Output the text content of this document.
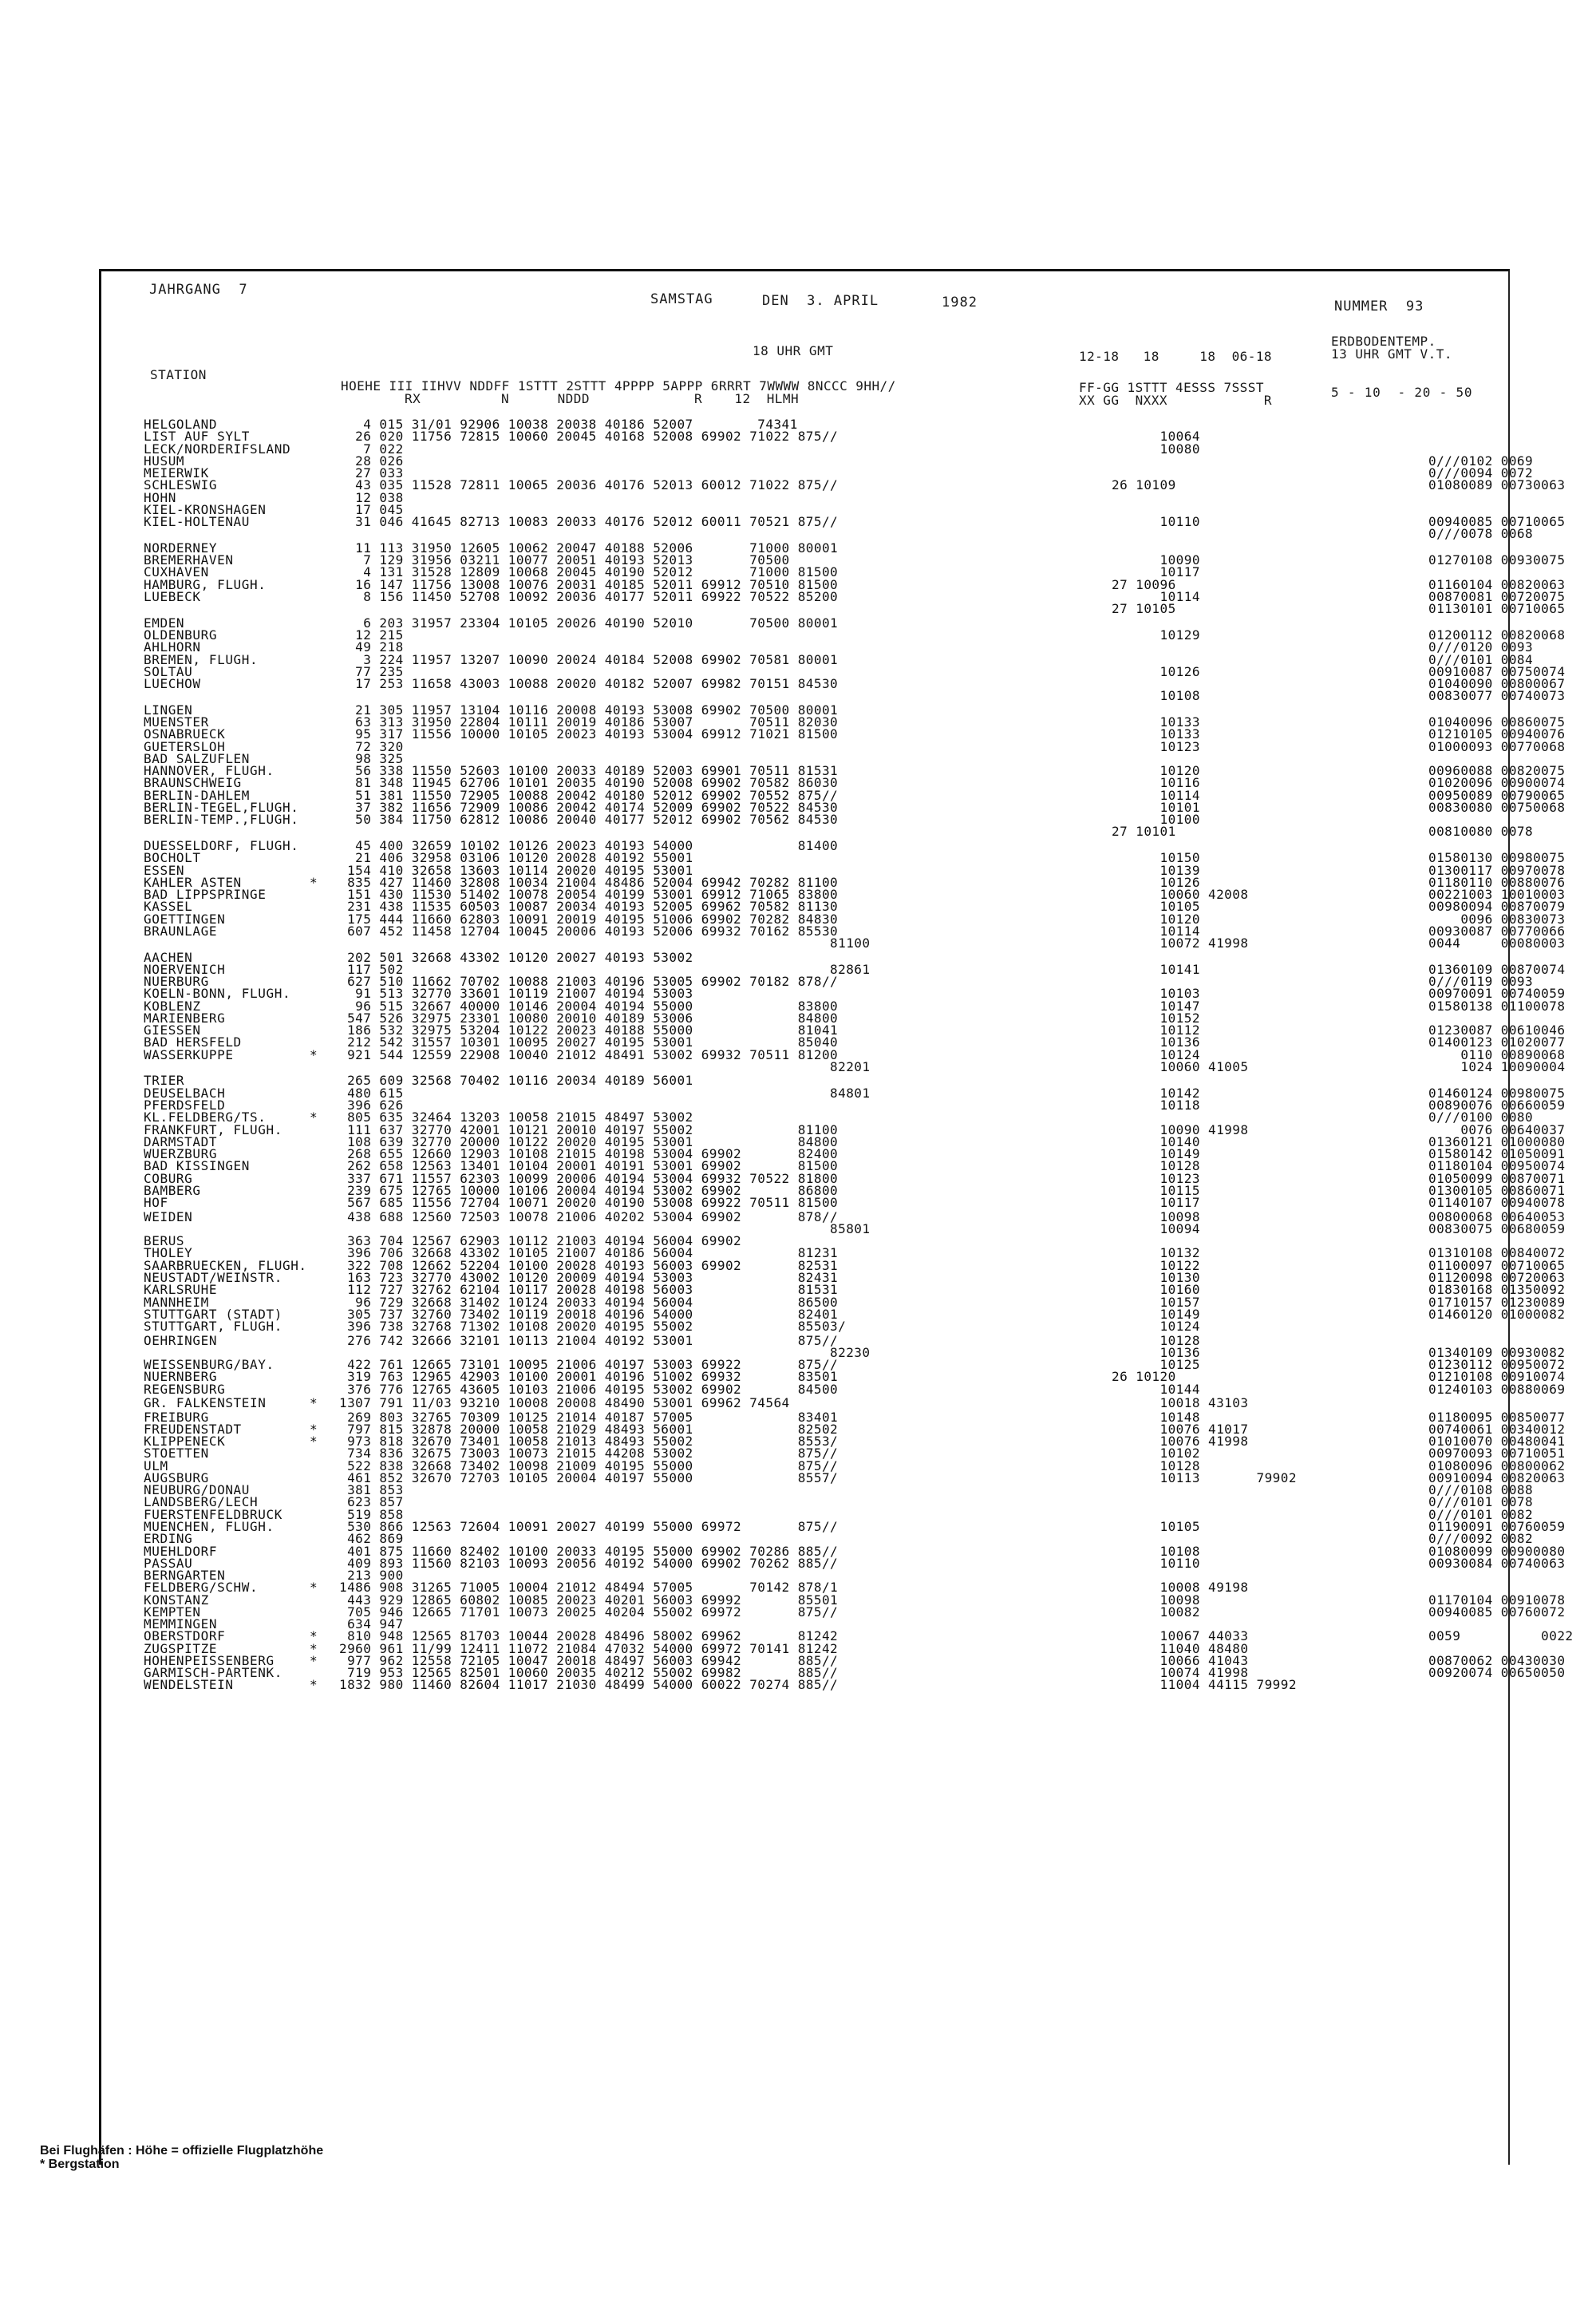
JAHRGANG  7
SAMSTAG	DEN  3. APRIL	1982	NUMMER  93
ERDBODENTEMP.
13 UHR GMT V.T.
18 UHR GMT
STATION
HOEHE III IIHVV NDDFF 1STTT 2STTT 4PPPP 5APPP 6RRRT 7WWWW 8NCCC 9HH//
RX          N      NDDD             R    12  HLMH
12-18   18     18  06-18
FF-GG 1STTT 4ESSS 7SSST
XX GG  NXXX            R
5 - 10  - 20 - 50
HELGOLAND	4 015 31/01 92906 10038 20038 40186 52007        74341
LIST AUF SYLT	26 020 11756 72815 10060 20045 40168 52008 69902 71022 875//	10064
LECK/NORDERIFSLAND	7 022	10080
HUSUM	28 026	0///0102 0069
MEIERWIK	27 033	0///0094 0072
SCHLESWIG	43 035 11528 72811 10065 20036 40176 52013 60012 71022 875//	26 10109	01080089 00730063
HOHN	12 038
KIEL-KRONSHAGEN	17 045
KIEL-HOLTENAU	31 046 41645 82713 10083 20033 40176 52012 60011 70521 875//	10110	00940085 00710065
0///0078 0068
NORDERNEY	11 113 31950 12605 10062 20047 40188 52006       71000 80001
BREMERHAVEN	7 129 31956 03211 10077 20051 40193 52013       70500	10090	01270108 00930075
CUXHAVEN	4 131 31528 12809 10068 20045 40190 52012       71000 81500	10117
HAMBURG, FLUGH.	16 147 11756 13008 10076 20031 40185 52011 69912 70510 81500	27 10096	01160104 00820063
LUEBECK	8 156 11450 52708 10092 20036 40177 52011 69922 70522 85200	10114	00870081 00720075
27 10105	01130101 00710065
EMDEN	6 203 31957 23304 10105 20026 40190 52010       70500 80001
OLDENBURG	12 215	10129	01200112 00820068
AHLHORN	49 218	0///0120 0093
BREMEN, FLUGH.	3 224 11957 13207 10090 20024 40184 52008 69902 70581 80001	0///0101 0084
SOLTAU	77 235	10126	00910087 00750074
LUECHOW	17 253 11658 43003 10088 20020 40182 52007 69982 70151 84530	01040090 00800067
10108	00830077 00740073
LINGEN	21 305 11957 13104 10116 20008 40193 53008 69902 70500 80001
MUENSTER	63 313 31950 22804 10111 20019 40186 53007       70511 82030	10133	01040096 00860075
OSNABRUECK	95 317 11556 10000 10105 20023 40193 53004 69912 71021 81500	10133	01210105 00940076
GUETERSLOH	72 320	10123	01000093 00770068
BAD SALZUFLEN	98 325
HANNOVER, FLUGH.	56 338 11550 52603 10100 20033 40189 52003 69901 70511 81531	10120	00960088 00820075
BRAUNSCHWEIG	81 348 11945 62706 10101 20035 40190 52008 69902 70582 86030	10116	01020096 00900074
BERLIN-DAHLEM	51 381 11550 72905 10088 20042 40180 52012 69902 70552 875//	10114	00950089 00790065
BERLIN-TEGEL,FLUGH.	37 382 11656 72909 10086 20042 40174 52009 69902 70522 84530	10101	00830080 00750068
BERLIN-TEMP.,FLUGH.	50 384 11750 62812 10086 20040 40177 52012 69902 70562 84530	10100
27 10101	00810080 0078
DUESSELDORF, FLUGH.	45 400 32659 10102 10126 20023 40193 54000             81400
BOCHOLT	21 406 32958 03106 10120 20028 40192 55001	10150	01580130 00980075
ESSEN	154 410 32658 13603 10114 20020 40195 53001	10139	01300117 00970078
KAHLER ASTEN	* 835 427 11460 32808 10034 21004 48486 52004 69942 70282 81100	10126	01180110 00880076
BAD LIPPSPRINGE	151 430 11530 51402 10078 20054 40199 53001 69912 71065 83800	10060 42008	00221003 10010003
KASSEL	231 438 11535 60503 10087 20034 40193 52005 69962 70582 81130	10105	00980094 00870079
GOETTINGEN	175 444 11660 62803 10091 20019 40195 51006 69902 70282 84830	10120	0096 00830073
BRAUNLAGE	607 452 11458 12704 10045 20006 40193 52006 69932 70162 85530	10114	00930087 00770066
81100	10072 41998	0044     00080003
AACHEN	202 501 32668 43302 10120 20027 40193 53002
NOERVENICH	117 502                                                     82861	10141	01360109 00870074
NUERBURG	627 510 11662 70702 10088 21003 40196 53005 69902 70182 878//	0///0119 0093
KOELN-BONN, FLUGH.	91 513 32770 33601 10119 21007 40194 53003	10103	00970091 00740059
KOBLENZ	96 515 32667 40000 10146 20004 40194 55000             83800	10147	01580138 01100078
MARIENBERG	547 526 32975 23301 10080 20010 40189 53006             84800	10152
GIESSEN	186 532 32975 53204 10122 20023 40188 55000             81041	10112	01230087 00610046
BAD HERSFELD	212 542 31557 10301 10095 20027 40195 53001             85040	10136	01400123 01020077
WASSERKUPPE	* 921 544 12559 22908 10040 21012 48491 53002 69932 70511 81200	10124	0110 00890068
82201	10060 41005	1024 10090004
TRIER	265 609 32568 70402 10116 20034 40189 56001
DEUSELBACH	480 615                                                     84801	10142	01460124 00980075
PFERDSFELD	396 626	10118	00890076 00660059
KL.FELDBERG/TS.	* 805 635 32464 13203 10058 21015 48497 53002	0///0100 0080
FRANKFURT, FLUGH.	111 637 32770 42001 10121 20010 40197 55002             81100	10090 41998	0076 00640037
DARMSTADT	108 639 32770 20000 10122 20020 40195 53001             84800	10140	01360121 01000080
WUERZBURG	268 655 12660 12903 10108 21015 40198 53004 69902       82400	10149	01580142 01050091
BAD KISSINGEN	262 658 12563 13401 10104 20001 40191 53001 69902       81500	10128	01180104 00950074
COBURG	337 671 11557 62303 10099 20006 40194 53004 69932 70522 81800	10123	01050099 00870071
BAMBERG	239 675 12765 10000 10106 20004 40194 53002 69902       86800	10115	01300105 00860071
HOF	567 685 11556 72704 10071 20020 40190 53008 69922 70511 81500	10117	01140107 00940078
WEIDEN	438 688 12560 72503 10078 21006 40202 53004 69902       878//	10098	00800068 00640053
85801	10094	00830075 00680059
BERUS	363 704 12567 62903 10112 21003 40194 56004 69902
THOLEY	396 706 32668 43302 10105 21007 40186 56004             81231	10132	01310108 00840072
SAARBRUECKEN, FLUGH.	322 708 12662 52204 10100 20028 40193 56003 69902       82531	10122	01100097 00710065
NEUSTADT/WEINSTR.	163 723 32770 43002 10120 20009 40194 53003             82431	10130	01120098 00720063
KARLSRUHE	112 727 32762 62104 10117 20028 40198 56003             81531	10160	01830168 01350092
MANNHEIM	96 729 32668 31402 10124 20033 40194 56004             86500	10157	01710157 01230089
STUTTGART (STADT)	305 737 32760 73402 10119 20018 40196 54000             82401	10149	01460120 01000082
STUTTGART, FLUGH.	396 738 32768 71302 10108 20020 40195 55002             85503/	10124
OEHRINGEN	276 742 32666 32101 10113 21004 40192 53001             875//	10128
82230	10136	01340109 00930082
WEISSENBURG/BAY.	422 761 12665 73101 10095 21006 40197 53003 69922       875//	10125	01230112 00950072
NUERNBERG	319 763 12965 42903 10100 20001 40196 51002 69932       83501	26 10120	01210108 00910074
REGENSBURG	376 776 12765 43605 10103 21006 40195 53002 69902       84500	10144	01240103 00880069
GR. FALKENSTEIN	* 1307 791 11/03 93210 10008 20008 48490 53001 69962 74564	10018 43103
FREIBURG	269 803 32765 70309 10125 21014 40187 57005             83401	10148	01180095 00850077
FREUDENSTADT	* 797 815 32878 20000 10058 21029 48493 56001             82502	10076 41017	00740061 00340012
KLIPPENECK	* 973 818 32670 73401 10058 21013 48493 55002             8553/	10076 41998	01010070 00480041
STOETTEN	734 836 32675 73003 10073 21015 44208 53002             875//	10102	00970093 00710051
ULM	522 838 32668 73402 10098 21009 40195 55000             875//	10128	01080096 00800062
AUGSBURG	461 852 32670 72703 10105 20004 40197 55000             8557/	10113       79902	00910094 00820063
NEUBURG/DONAU	381 853	0///0108 0088
LANDSBERG/LECH	623 857	0///0101 0078
FUERSTENFELDBRUCK	519 858	0///0101 0082
MUENCHEN, FLUGH.	530 866 12563 72604 10091 20027 40199 55000 69972       875//	10105	01190091 00760059
ERDING	462 869	0///0092 0082
MUEHLDORF	401 875 11660 82402 10100 20033 40195 55000 69902 70286 885//	10108	01080099 00900080
PASSAU	409 893 11560 82103 10093 20056 40192 54000 69902 70262 885//	10110	00930084 00740063
BERNGARTEN	213 900
FELDBERG/SCHW.	* 1486 908 31265 71005 10004 21012 48494 57005       70142 878/1	10008 49198
KONSTANZ	443 929 12865 60802 10085 20023 40201 56003 69992       85501	10098	01170104 00910078
KEMPTEN	705 946 12665 71701 10073 20025 40204 55002 69972       875//	10082	00940085 00760072
MEMMINGEN	634 947
OBERSTDORF	* 810 948 12565 81703 10044 20028 48496 58002 69962       81242	10067 44033	0059          0022
ZUGSPITZE	* 2960 961 11/99 12411 11072 21084 47032 54000 69972 70141 81242	11040 48480
HOHENPEISSENBERG	* 977 962 12558 72105 10047 20018 48497 56003 69942       885//	10066 41043	00870062 00430030
GARMISCH-PARTENK.	719 953 12565 82501 10060 20035 40212 55002 69982       885//	10074 41998	00920074 00650050
WENDELSTEIN	* 1832 980 11460 82604 11017 21030 48499 54000 60022 70274 885//	11004 44115 79992
Bei Flughäfen : Höhe = offizielle Flugplatzhöhe
* Bergstation
